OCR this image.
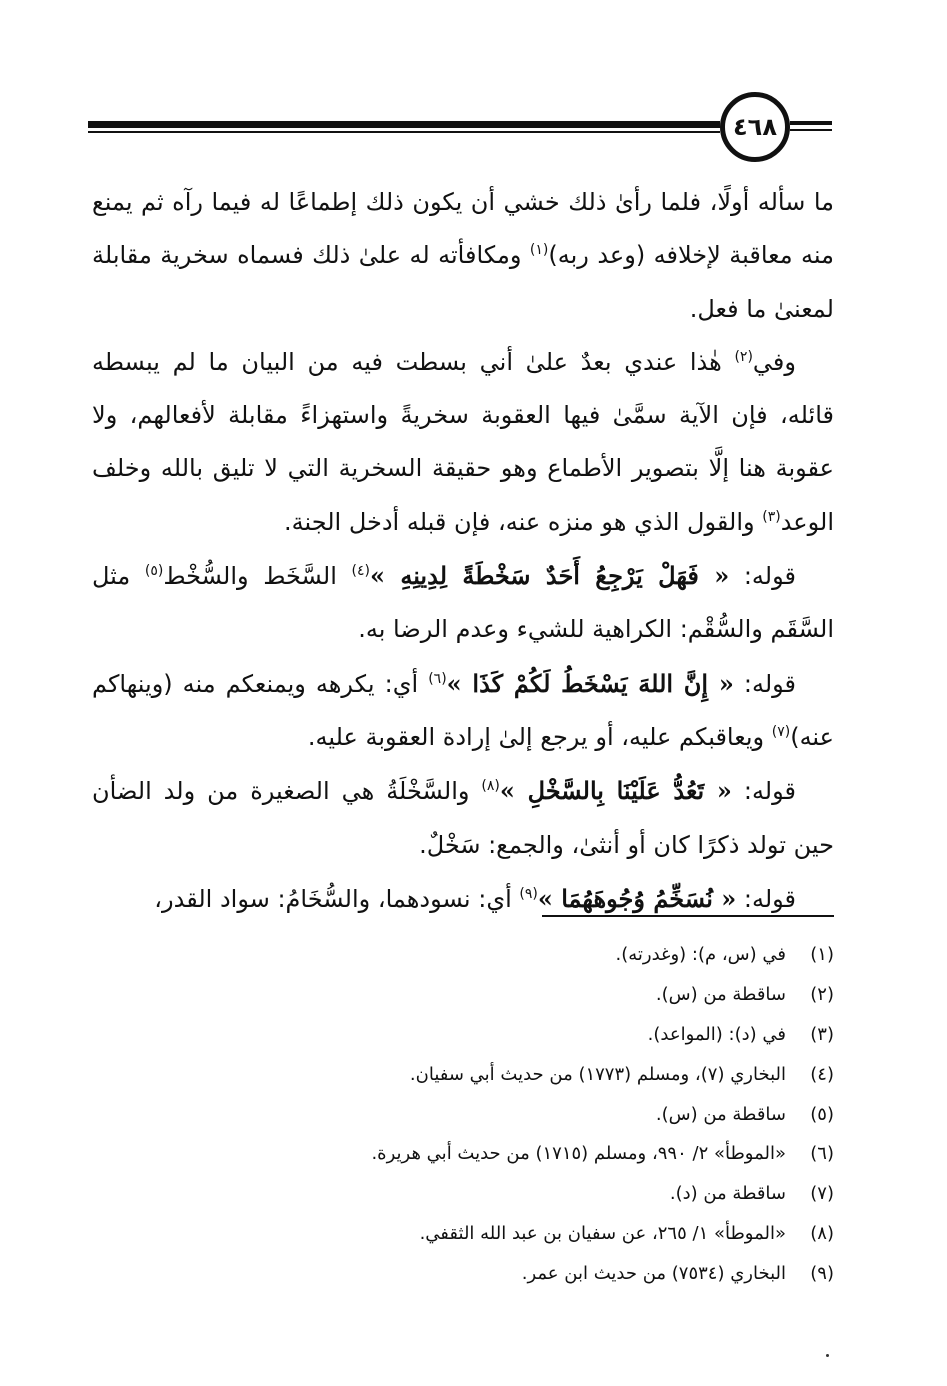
٤٦٨

ما سأله أولًا، فلما رأىٰ ذلك خشي أن يكون ذلك إطماعًا له فيما رآه ثم يمنع منه معاقبة لإخلافه (وعد ربه)$^{(١)}$ ومكافأته له علىٰ ذلك فسماه سخرية مقابلة لمعنىٰ ما فعل.

وفي$^{(٢)}$ هٰذا عندي بعدٌ علىٰ أني بسطت فيه من البيان ما لم يبسطه قائله، فإن الآية سمَّىٰ فيها العقوبة سخريةً واستهزاءً مقابلة لأفعالهم، ولا عقوبة هنا إلَّا بتصوير الأطماع وهو حقيقة السخرية التي لا تليق بالله وخلف الوعد$^{(٣)}$ والقول الذي هو منزه عنه، فإن قبله أدخل الجنة.

قوله: « فَهَلْ يَرْجِعُ أَحَدٌ سَخْطَةً لِدِينِهِ »$^{(٤)}$ السَّخَط والسُّخْط$^{(٥)}$ مثل السَّقَم والسُّقْم: الكراهية للشيء وعدم الرضا به.

قوله: « إِنَّ اللهَ يَسْخَطُ لَكُمْ كَذَا »$^{(٦)}$ أي: يكرهه ويمنعكم منه (وينهاكم عنه)$^{(٧)}$ ويعاقبكم عليه، أو يرجع إلىٰ إرادة العقوبة عليه.

قوله: « تَعُدُّ عَلَيْنَا بِالسَّخْلِ »$^{(٨)}$ والسَّخْلَةُ هي الصغيرة من ولد الضأن حين تولد ذكرًا كان أو أنثىٰ، والجمع: سَخْلٌ.

قوله: « نُسَخِّمُ وُجُوهَهُمَا »$^{(٩)}$ أي: نسودهما، والسُّخَامُ: سواد القدر،

(١)
في (س، م): (وغدرته).
(٢)
ساقطة من (س).
(٣)
في (د): (المواعد).
(٤)
البخاري (٧)، ومسلم (١٧٧٣) من حديث أبي سفيان.
(٥)
ساقطة من (س).
(٦)
«الموطأ» ٢/ ٩٩٠، ومسلم (١٧١٥) من حديث أبي هريرة.
(٧)
ساقطة من (د).
(٨)
«الموطأ» ١/ ٢٦٥، عن سفيان بن عبد الله الثقفي.
(٩)
البخاري (٧٥٣٤) من حديث ابن عمر.
